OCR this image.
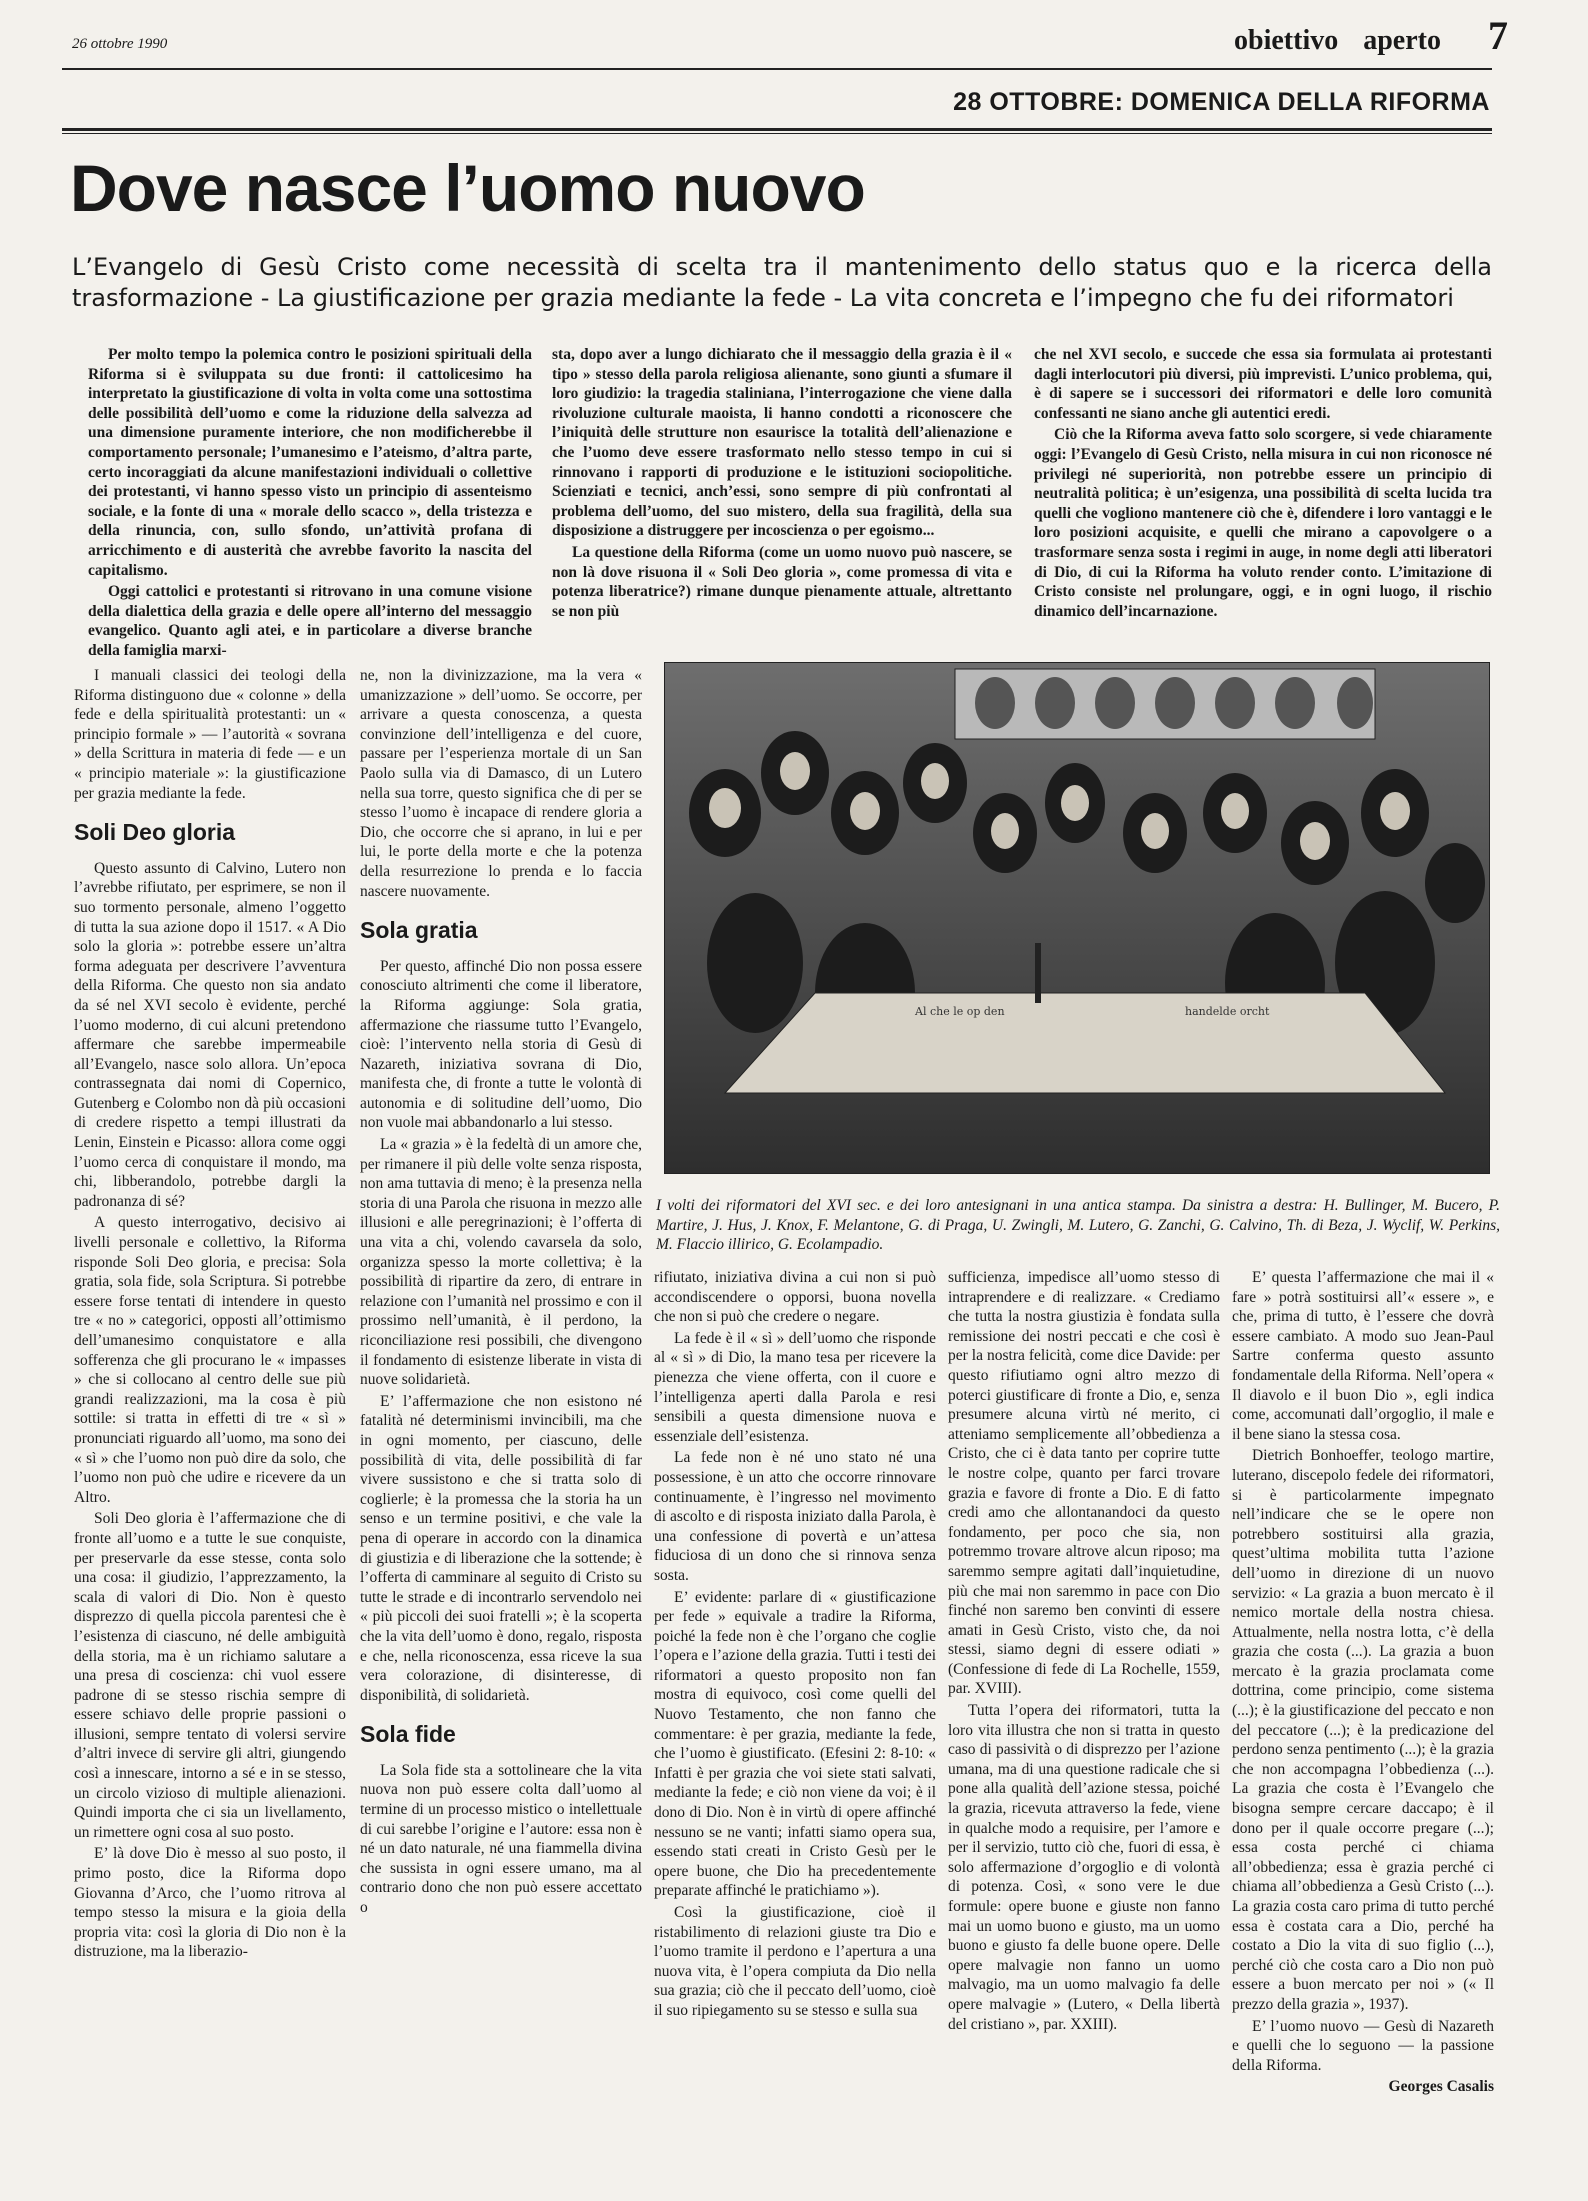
26 ottobre 1990	obiettivo aperto 7
28 OTTOBRE: DOMENICA DELLA RIFORMA
Dove nasce l’uomo nuovo
L’Evangelo di Gesù Cristo come necessità di scelta tra il mantenimento dello status quo e la ricerca della trasformazione - La giustificazione per grazia mediante la fede - La vita concreta e l’impegno che fu dei riformatori

Per molto tempo la polemica contro le posizioni spirituali della Riforma si è sviluppata su due fronti: il cattolicesimo ha interpretato la giustificazione di volta in volta come una sottostima delle possibilità dell’uomo e come la riduzione della salvezza ad una dimensione puramente interiore, che non modificherebbe il comportamento personale; l’umanesimo e l’ateismo, d’altra parte, certo incoraggiati da alcune manifestazioni individuali o collettive dei protestanti, vi hanno spesso visto un principio di assenteismo sociale, e la fonte di una « morale dello scacco », della tristezza e della rinuncia, con, sullo sfondo, un’attività profana di arricchimento e di austerità che avrebbe favorito la nascita del capitalismo.

Oggi cattolici e protestanti si ritrovano in una comune visione della dialettica della grazia e delle opere all’interno del messaggio evangelico. Quanto agli atei, e in particolare a diverse branche della famiglia marxi-

sta, dopo aver a lungo dichiarato che il messaggio della grazia è il « tipo » stesso della parola religiosa alienante, sono giunti a sfumare il loro giudizio: la tragedia staliniana, l’interrogazione che viene dalla rivoluzione culturale maoista, li hanno condotti a riconoscere che l’iniquità delle strutture non esaurisce la totalità dell’alienazione e che l’uomo deve essere trasformato nello stesso tempo in cui si rinnovano i rapporti di produzione e le istituzioni sociopolitiche. Scienziati e tecnici, anch’essi, sono sempre di più confrontati al problema dell’uomo, del suo mistero, della sua fragilità, della sua disposizione a distruggere per incoscienza o per egoismo...

La questione della Riforma (come un uomo nuovo può nascere, se non là dove risuona il « Soli Deo gloria », come promessa di vita e potenza liberatrice?) rimane dunque pienamente attuale, altrettanto se non più

che nel XVI secolo, e succede che essa sia formulata ai protestanti dagli interlocutori più diversi, più imprevisti. L’unico problema, qui, è di sapere se i successori dei riformatori e delle loro comunità confessanti ne siano anche gli autentici eredi.

Ciò che la Riforma aveva fatto solo scorgere, si vede chiaramente oggi: l’Evangelo di Gesù Cristo, nella misura in cui non riconosce né privilegi né superiorità, non potrebbe essere un principio di neutralità politica; è un’esigenza, una possibilità di scelta lucida tra quelli che vogliono mantenere ciò che è, difendere i loro vantaggi e le loro posizioni acquisite, e quelli che mirano a capovolgere o a trasformare senza sosta i regimi in auge, in nome degli atti liberatori di Dio, di cui la Riforma ha voluto render conto. L’imitazione di Cristo consiste nel prolungare, oggi, e in ogni luogo, il rischio dinamico dell’incarnazione.

I manuali classici dei teologi della Riforma distinguono due « colonne » della fede e della spiritualità protestanti: un « principio formale » — l’autorità « sovrana » della Scrittura in materia di fede — e un « principio materiale »: la giustificazione per grazia mediante la fede.

Soli Deo gloria

Questo assunto di Calvino, Lutero non l’avrebbe rifiutato, per esprimere, se non il suo tormento personale, almeno l’oggetto di tutta la sua azione dopo il 1517. « A Dio solo la gloria »: potrebbe essere un’altra forma adeguata per descrivere l’avventura della Riforma. Che questo non sia andato da sé nel XVI secolo è evidente, perché l’uomo moderno, di cui alcuni pretendono affermare che sarebbe impermeabile all’Evangelo, nasce solo allora. Un’epoca contrassegnata dai nomi di Copernico, Gutenberg e Colombo non dà più occasioni di credere rispetto a tempi illustrati da Lenin, Einstein e Picasso: allora come oggi l’uomo cerca di conquistare il mondo, ma chi, libberandolo, potrebbe dargli la padronanza di sé?

A questo interrogativo, decisivo ai livelli personale e collettivo, la Riforma risponde Soli Deo gloria, e precisa: Sola gratia, sola fide, sola Scriptura. Si potrebbe essere forse tentati di intendere in questo tre « no » categorici, opposti all’ottimismo dell’umanesimo conquistatore e alla sofferenza che gli procurano le « impasses » che si collocano al centro delle sue più grandi realizzazioni, ma la cosa è più sottile: si tratta in effetti di tre « sì » pronunciati riguardo all’uomo, ma sono dei « sì » che l’uomo non può dire da solo, che l’uomo non può che udire e ricevere da un Altro.

Soli Deo gloria è l’affermazione che di fronte all’uomo e a tutte le sue conquiste, per preservarle da esse stesse, conta solo una cosa: il giudizio, l’apprezzamento, la scala di valori di Dio. Non è questo disprezzo di quella piccola parentesi che è l’esistenza di ciascuno, né delle ambiguità della storia, ma è un richiamo salutare a una presa di coscienza: chi vuol essere padrone di se stesso rischia sempre di essere schiavo delle proprie passioni o illusioni, sempre tentato di volersi servire d’altri invece di servire gli altri, giungendo così a innescare, intorno a sé e in se stesso, un circolo vizioso di multiple alienazioni. Quindi importa che ci sia un livellamento, un rimettere ogni cosa al suo posto.

E’ là dove Dio è messo al suo posto, il primo posto, dice la Riforma dopo Giovanna d’Arco, che l’uomo ritrova al tempo stesso la misura e la gioia della propria vita: così la gloria di Dio non è la distruzione, ma la liberazio-

ne, non la divinizzazione, ma la vera « umanizzazione » dell’uomo. Se occorre, per arrivare a questa conoscenza, a questa convinzione dell’intelligenza e del cuore, passare per l’esperienza mortale di un San Paolo sulla via di Damasco, di un Lutero nella sua torre, questo significa che di per se stesso l’uomo è incapace di rendere gloria a Dio, che occorre che si aprano, in lui e per lui, le porte della morte e che la potenza della resurrezione lo prenda e lo faccia nascere nuovamente.

Sola gratia

Per questo, affinché Dio non possa essere conosciuto altrimenti che come il liberatore, la Riforma aggiunge: Sola gratia, affermazione che riassume tutto l’Evangelo, cioè: l’intervento nella storia di Gesù di Nazareth, iniziativa sovrana di Dio, manifesta che, di fronte a tutte le volontà di autonomia e di solitudine dell’uomo, Dio non vuole mai abbandonarlo a lui stesso.

La « grazia » è la fedeltà di un amore che, per rimanere il più delle volte senza risposta, non ama tuttavia di meno; è la presenza nella storia di una Parola che risuona in mezzo alle illusioni e alle peregrinazioni; è l’offerta di una vita a chi, volendo cavarsela da solo, organizza spesso la morte collettiva; è la possibilità di ripartire da zero, di entrare in relazione con l’umanità nel prossimo e con il prossimo nell’umanità, è il perdono, la riconciliazione resi possibili, che divengono il fondamento di esistenze liberate in vista di nuove solidarietà.

E’ l’affermazione che non esistono né fatalità né determinismi invincibili, ma che in ogni momento, per ciascuno, delle possibilità di vita, delle possibilità di far vivere sussistono e che si tratta solo di coglierle; è la promessa che la storia ha un senso e un termine positivi, e che vale la pena di operare in accordo con la dinamica di giustizia e di liberazione che la sottende; è l’offerta di camminare al seguito di Cristo su tutte le strade e di incontrarlo servendolo nei « più piccoli dei suoi fratelli »; è la scoperta che la vita dell’uomo è dono, regalo, risposta e che, nella riconoscenza, essa riceve la sua vera colorazione, di disinteresse, di disponibilità, di solidarietà.

Sola fide

La Sola fide sta a sottolineare che la vita nuova non può essere colta dall’uomo al termine di un processo mistico o intellettuale di cui sarebbe l’origine e l’autore: essa non è né un dato naturale, né una fiammella divina che sussista in ogni essere umano, ma al contrario dono che non può essere accettato o

Al che le op den	handelde orcht
I volti dei riformatori del XVI sec. e dei loro antesignani in una antica stampa. Da sinistra a destra: H. Bullinger, M. Bucero, P. Martire, J. Hus, J. Knox, F. Melantone, G. di Praga, U. Zwingli, M. Lutero, G. Zanchi, G. Calvino, Th. di Beza, J. Wyclif, W. Perkins, M. Flaccio illirico, G. Ecolampadio.

rifiutato, iniziativa divina a cui non si può accondiscendere o opporsi, buona novella che non si può che credere o negare.

La fede è il « sì » dell’uomo che risponde al « sì » di Dio, la mano tesa per ricevere la pienezza che viene offerta, con il cuore e l’intelligenza aperti dalla Parola e resi sensibili a questa dimensione nuova e essenziale dell’esistenza.

La fede non è né uno stato né una possessione, è un atto che occorre rinnovare continuamente, è l’ingresso nel movimento di ascolto e di risposta iniziato dalla Parola, è una confessione di povertà e un’attesa fiduciosa di un dono che si rinnova senza sosta.

E’ evidente: parlare di « giustificazione per fede » equivale a tradire la Riforma, poiché la fede non è che l’organo che coglie l’opera e l’azione della grazia. Tutti i testi dei riformatori a questo proposito non fan mostra di equivoco, così come quelli del Nuovo Testamento, che non fanno che commentare: è per grazia, mediante la fede, che l’uomo è giustificato. (Efesini 2: 8-10: « Infatti è per grazia che voi siete stati salvati, mediante la fede; e ciò non viene da voi; è il dono di Dio. Non è in virtù di opere affinché nessuno se ne vanti; infatti siamo opera sua, essendo stati creati in Cristo Gesù per le opere buone, che Dio ha precedentemente preparate affinché le pratichiamo »).

Così la giustificazione, cioè il ristabilimento di relazioni giuste tra Dio e l’uomo tramite il perdono e l’apertura a una nuova vita, è l’opera compiuta da Dio nella sua grazia; ciò che il peccato dell’uomo, cioè il suo ripiegamento su se stesso e sulla sua

sufficienza, impedisce all’uomo stesso di intraprendere e di realizzare. « Crediamo che tutta la nostra giustizia è fondata sulla remissione dei nostri peccati e che così è per la nostra felicità, come dice Davide: per questo rifiutiamo ogni altro mezzo di poterci giustificare di fronte a Dio, e, senza presumere alcuna virtù né merito, ci atteniamo semplicemente all’obbedienza a Cristo, che ci è data tanto per coprire tutte le nostre colpe, quanto per farci trovare grazia e favore di fronte a Dio. E di fatto credi amo che allontanandoci da questo fondamento, per poco che sia, non potremmo trovare altrove alcun riposo; ma saremmo sempre agitati dall’inquietudine, più che mai non saremmo in pace con Dio finché non saremo ben convinti di essere amati in Gesù Cristo, visto che, da noi stessi, siamo degni di essere odiati » (Confessione di fede di La Rochelle, 1559, par. XVIII).

Tutta l’opera dei riformatori, tutta la loro vita illustra che non si tratta in questo caso di passività o di disprezzo per l’azione umana, ma di una questione radicale che si pone alla qualità dell’azione stessa, poiché la grazia, ricevuta attraverso la fede, viene in qualche modo a requisire, per l’amore e per il servizio, tutto ciò che, fuori di essa, è solo affermazione d’orgoglio e di volontà di potenza. Così, « sono vere le due formule: opere buone e giuste non fanno mai un uomo buono e giusto, ma un uomo buono e giusto fa delle buone opere. Delle opere malvagie non fanno un uomo malvagio, ma un uomo malvagio fa delle opere malvagie » (Lutero, « Della libertà del cristiano », par. XXIII).

E’ questa l’affermazione che mai il « fare » potrà sostituirsi all’« essere », e che, prima di tutto, è l’essere che dovrà essere cambiato. A modo suo Jean-Paul Sartre conferma questo assunto fondamentale della Riforma. Nell’opera « Il diavolo e il buon Dio », egli indica come, accomunati dall’orgoglio, il male e il bene siano la stessa cosa.

Dietrich Bonhoeffer, teologo martire, luterano, discepolo fedele dei riformatori, si è particolarmente impegnato nell’indicare che se le opere non potrebbero sostituirsi alla grazia, quest’ultima mobilita tutta l’azione dell’uomo in direzione di un nuovo servizio: « La grazia a buon mercato è il nemico mortale della nostra chiesa. Attualmente, nella nostra lotta, c’è della grazia che costa (...). La grazia a buon mercato è la grazia proclamata come dottrina, come principio, come sistema (...); è la giustificazione del peccato e non del peccatore (...); è la predicazione del perdono senza pentimento (...); è la grazia che non accompagna l’obbedienza (...). La grazia che costa è l’Evangelo che bisogna sempre cercare daccapo; è il dono per il quale occorre pregare (...); essa costa perché ci chiama all’obbedienza; essa è grazia perché ci chiama all’obbedienza a Gesù Cristo (...). La grazia costa caro prima di tutto perché essa è costata cara a Dio, perché ha costato a Dio la vita di suo figlio (...), perché ciò che costa caro a Dio non può essere a buon mercato per noi » (« Il prezzo della grazia », 1937).

E’ l’uomo nuovo — Gesù di Nazareth e quelli che lo seguono — la passione della Riforma.

Georges Casalis
